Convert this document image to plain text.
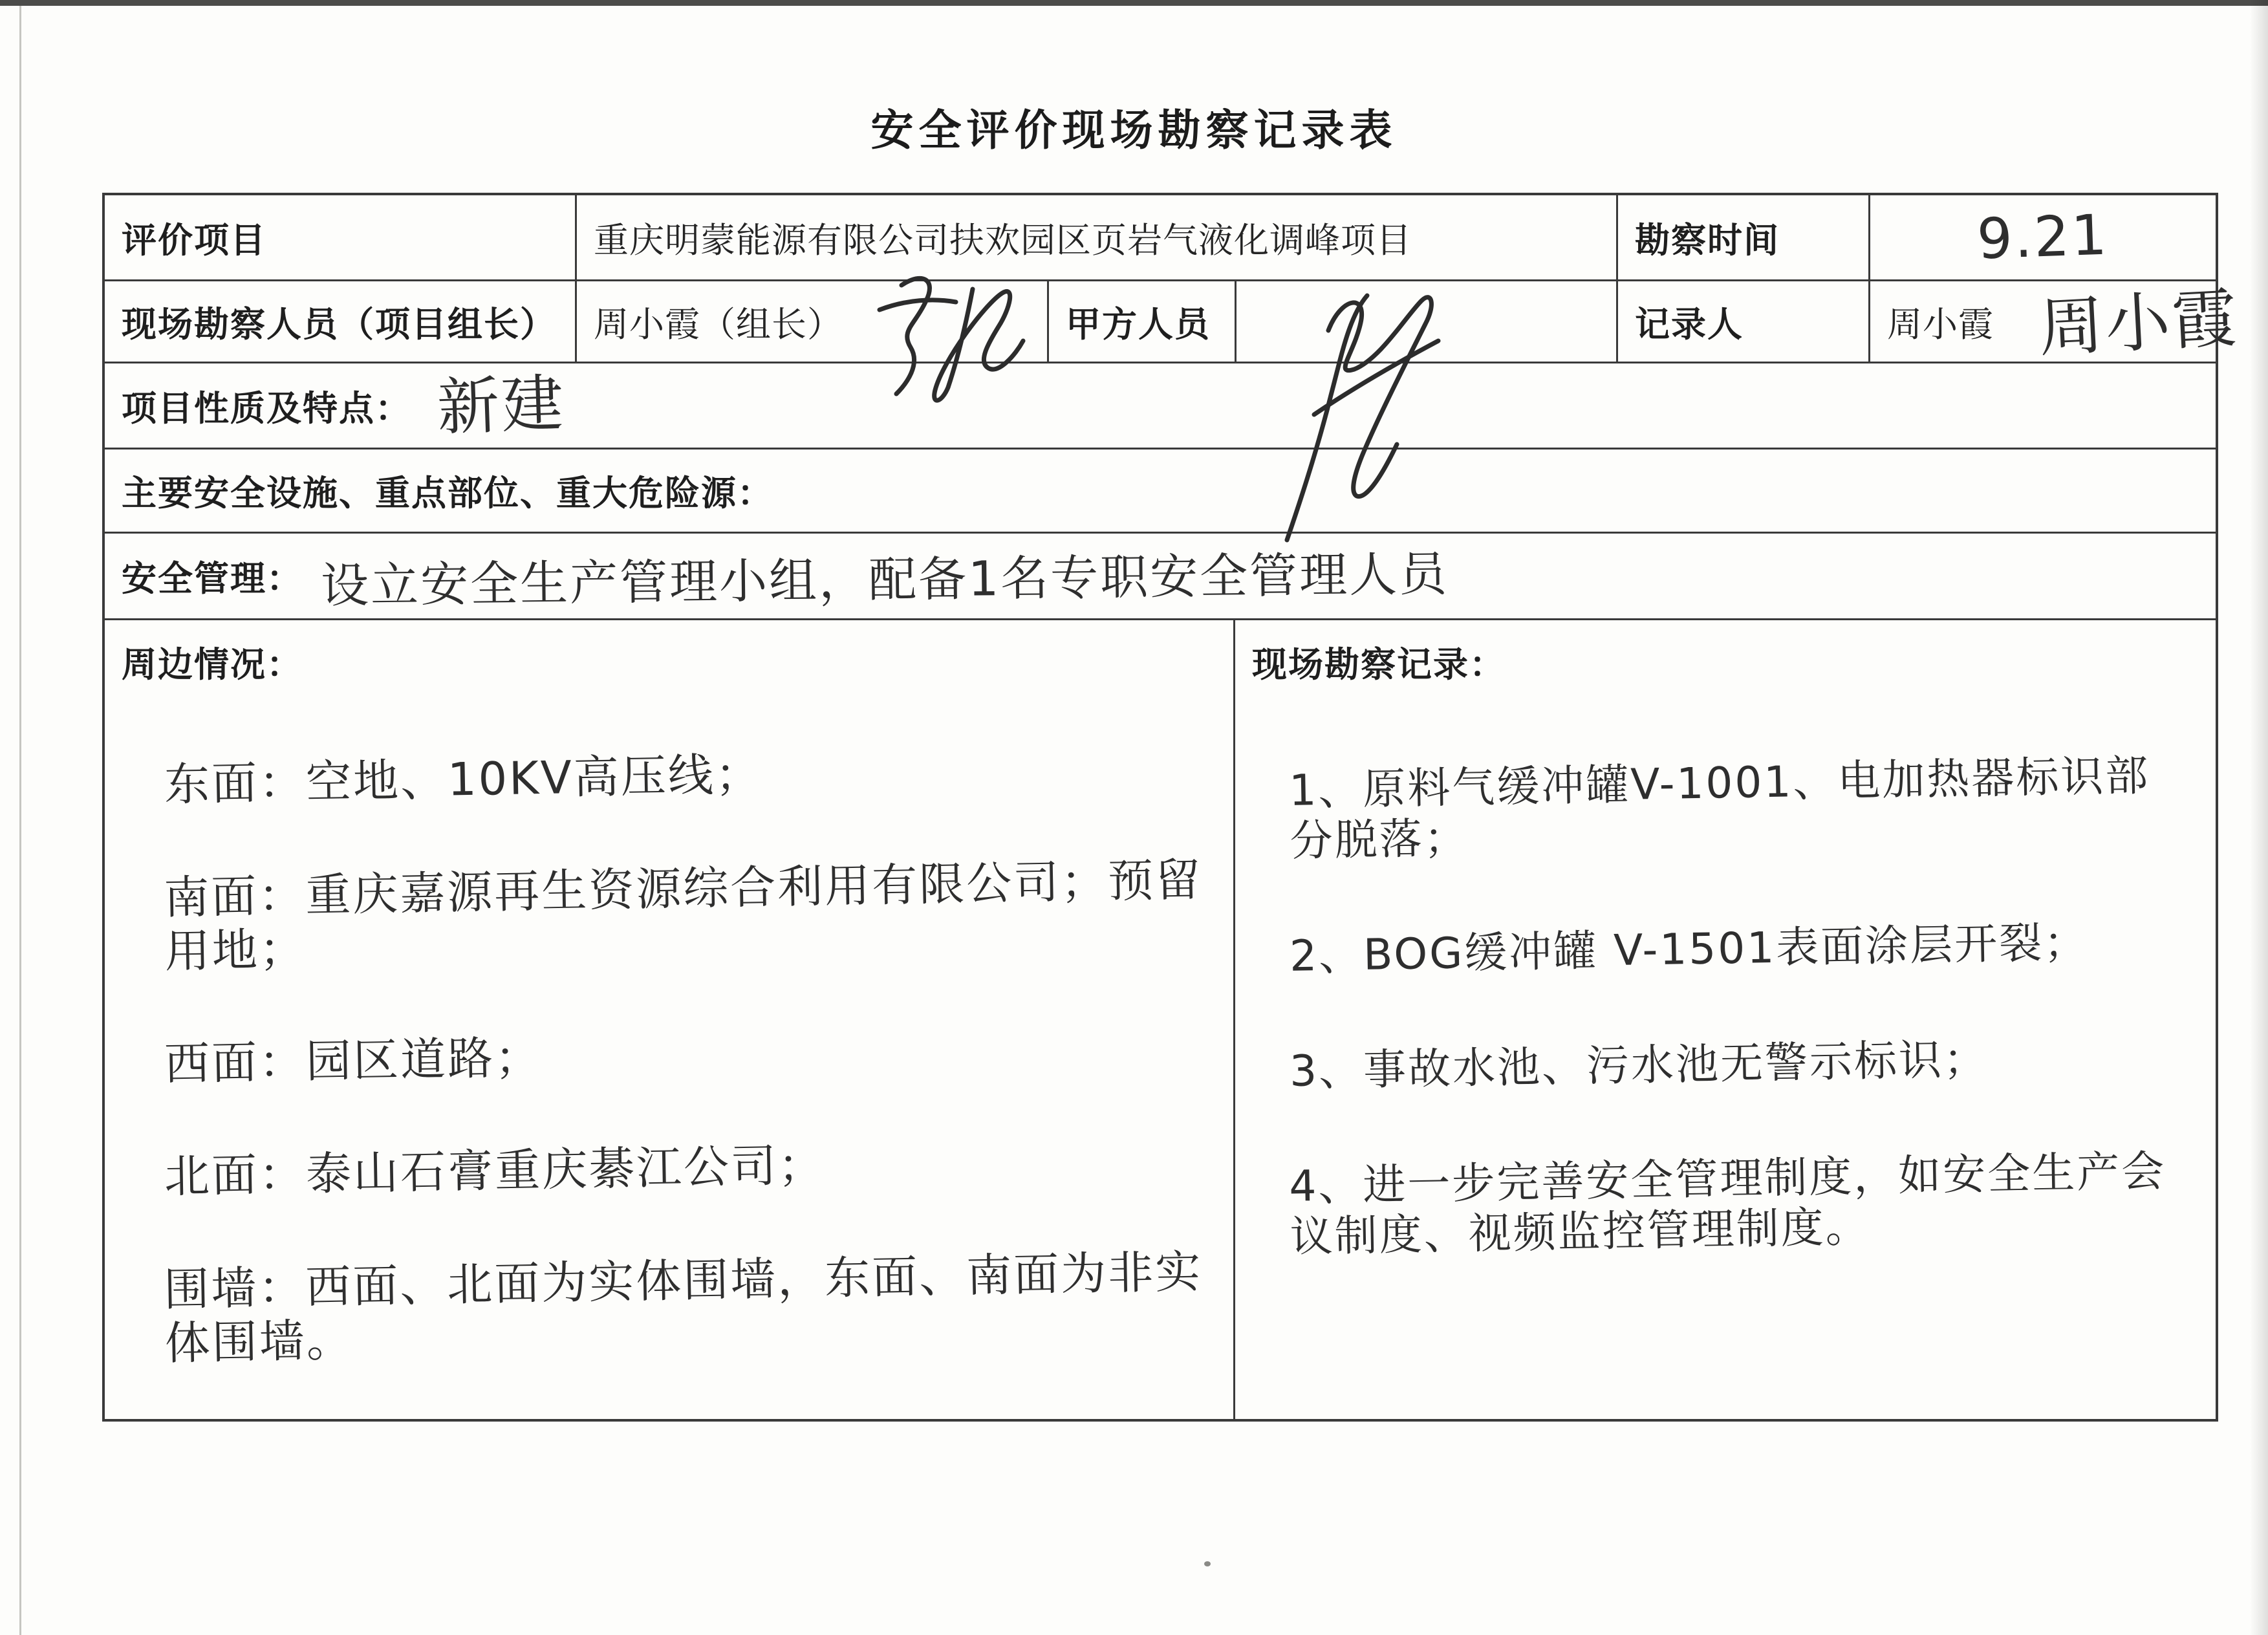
安全评价现场勘察记录表
评价项目	重庆明蒙能源有限公司扶欢园区页岩气液化调峰项目	勘察时间	9.21
现场勘察人员（项目组长） 周小霞（组长）	甲方人员	记录人	周小霞 周小霞
项目性质及特点： 新建
主要安全设施、重点部位、重大危险源：
安全管理： 设立安全生产管理小组，配备1名专职安全管理人员
周边情况：
东面：空地、10KV高压线；
南面：重庆嘉源再生资源综合利用有限公司；预留用地；
西面：园区道路；
北面：泰山石膏重庆綦江公司；
围墙：西面、北面为实体围墙，东面、南面为非实体围墙。
现场勘察记录：
1、原料气缓冲罐V-1001、电加热器标识部分脱落；
2、BOG缓冲罐 V-1501表面涂层开裂；
3、事故水池、污水池无警示标识；
4、进一步完善安全管理制度，如安全生产会议制度、视频监控管理制度。
